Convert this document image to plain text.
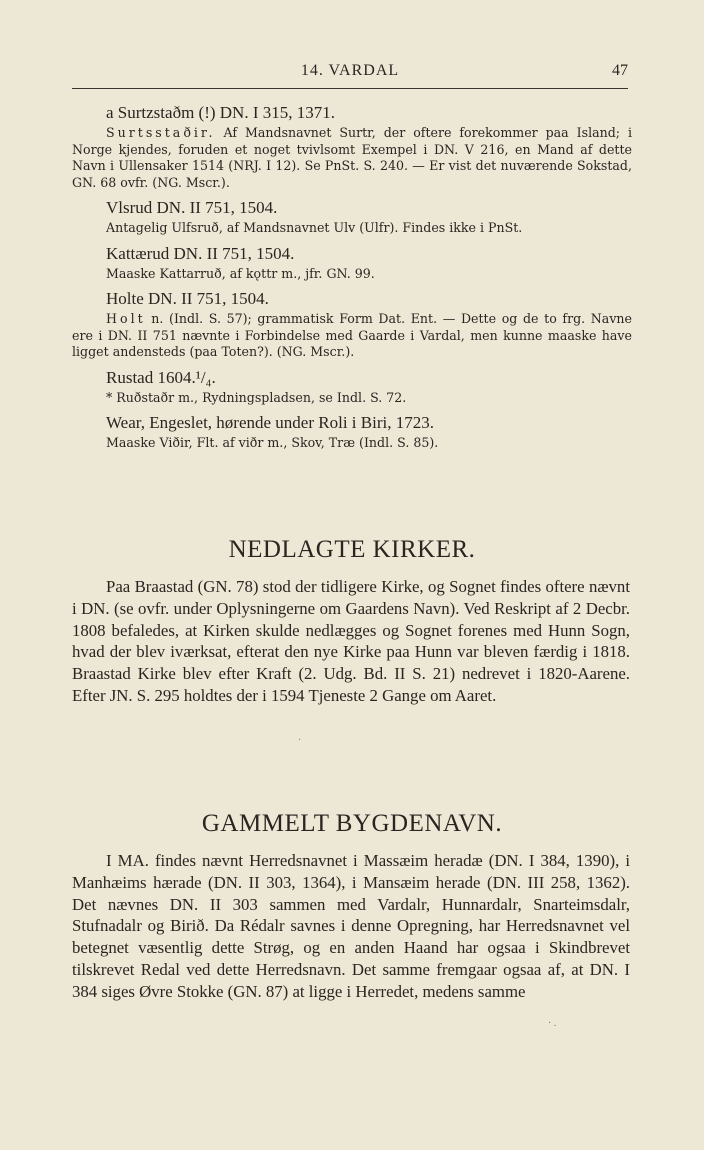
14. VARDAL	47
a Surtzstaðm (!) DN. I 315, 1371.

Surtsstaðir. Af Mandsnavnet Surtr, der oftere forekommer paa Island; i Norge kjendes, foruden et noget tvivlsomt Exempel i DN. V 216, en Mand af dette Navn i Ullensaker 1514 (NRJ. I 12). Se PnSt. S. 240. — Er vist det nuværende Sokstad, GN. 68 ovfr. (NG. Mscr.).

Vlsrud DN. II 751, 1504.

Antagelig Ulfsruð, af Mandsnavnet Ulv (Ulfr). Findes ikke i PnSt.

Kattærud DN. II 751, 1504.

Maaske Kattarruð, af kǫttr m., jfr. GN. 99.

Holte DN. II 751, 1504.

Holt n. (Indl. S. 57); grammatisk Form Dat. Ent. — Dette og de to frg. Navne ere i DN. II 751 nævnte i Forbindelse med Gaarde i Vardal, men kunne maaske have ligget andensteds (paa Toten?). (NG. Mscr.).

Rustad 1604.¹/₄.

* Ruðstaðr m., Rydningspladsen, se Indl. S. 72.

Wear, Engeslet, hørende under Roli i Biri, 1723.

Maaske Viðir, Flt. af viðr m., Skov, Træ (Indl. S. 85).

NEDLAGTE KIRKER.

Paa Braastad (GN. 78) stod der tidligere Kirke, og Sognet findes oftere nævnt i DN. (se ovfr. under Oplysningerne om Gaardens Navn). Ved Reskript af 2 Decbr. 1808 befaledes, at Kirken skulde nedlægges og Sognet forenes med Hunn Sogn, hvad der blev iværksat, efterat den nye Kirke paa Hunn var bleven færdig i 1818. Braastad Kirke blev efter Kraft (2. Udg. Bd. II S. 21) nedrevet i 1820-Aarene. Efter JN. S. 295 holdtes der i 1594 Tjeneste 2 Gange om Aaret.

·
GAMMELT BYGDENAVN.

I MA. findes nævnt Herredsnavnet i Massæim heradæ (DN. I 384, 1390), i Manhæims hærade (DN. II 303, 1364), i Mansæim herade (DN. III 258, 1362). Det nævnes DN. II 303 sammen med Vardalr, Hunnardalr, Snarteimsdalr, Stufnadalr og Birið. Da Rédalr savnes i denne Opregning, har Herredsnavnet vel betegnet væsentlig dette Strøg, og en anden Haand har ogsaa i Skindbrevet tilskrevet Redal ved dette Herredsnavn. Det samme fremgaar ogsaa af, at DN. I 384 siges Øvre Stokke (GN. 87) at ligge i Herredet, medens samme

· .
